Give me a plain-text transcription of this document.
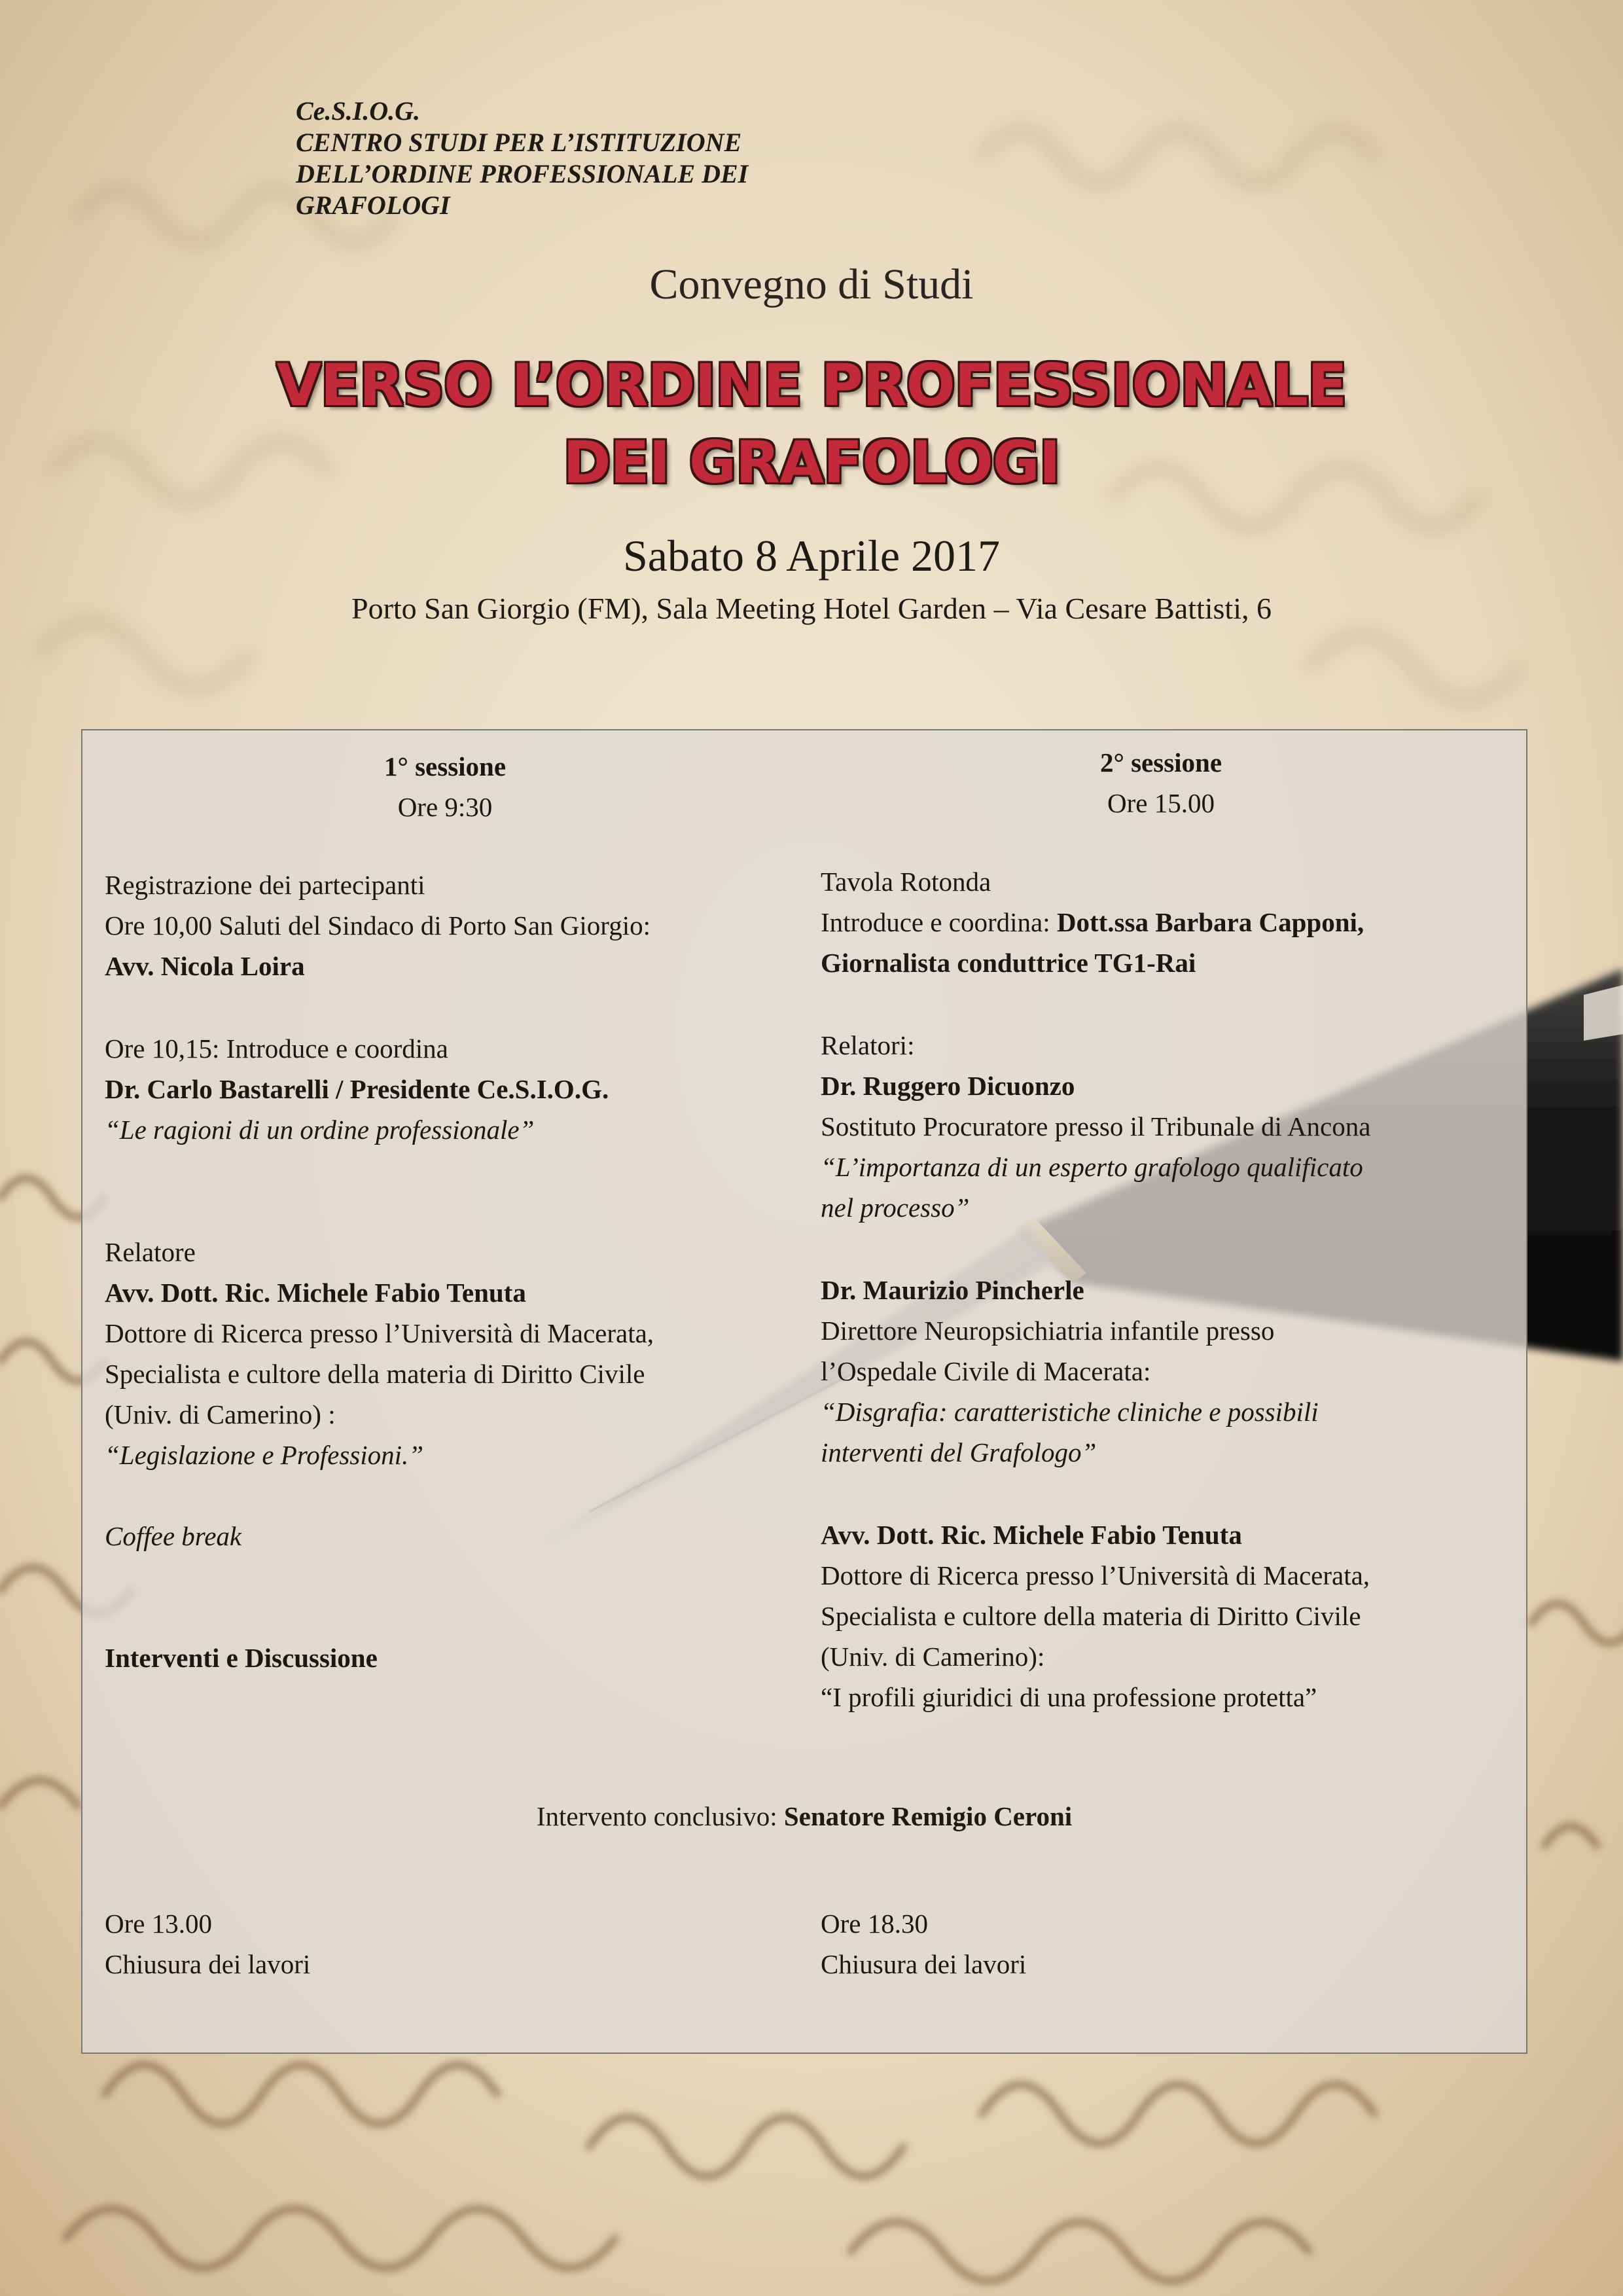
Ce.S.I.O.G.
CENTRO STUDI PER L’ISTITUZIONE
DELL’ORDINE PROFESSIONALE DEI
GRAFOLOGI
Convegno di Studi
VERSO L’ORDINE PROFESSIONALE
DEI GRAFOLOGI
Sabato 8 Aprile 2017
Porto San Giorgio (FM), Sala Meeting Hotel Garden – Via Cesare Battisti, 6
1° sessione
Ore 9:30
Registrazione dei partecipanti
Ore 10,00 Saluti del Sindaco di Porto San Giorgio:
Avv. Nicola Loira
Ore 10,15: Introduce e coordina
Dr. Carlo Bastarelli / Presidente Ce.S.I.O.G.
“Le ragioni di un ordine professionale”
Relatore
Avv. Dott. Ric. Michele Fabio Tenuta
Dottore di Ricerca presso l’Università di Macerata,
Specialista e cultore della materia di Diritto Civile
(Univ. di Camerino) :
“Legislazione e Professioni.”
Coffee break
Interventi e Discussione
Ore 13.00
Chiusura dei lavori
2° sessione
Ore 15.00
Tavola Rotonda
Introduce e coordina: Dott.ssa Barbara Capponi,
Giornalista conduttrice TG1-Rai
Relatori:
Dr. Ruggero Dicuonzo
Sostituto Procuratore presso il Tribunale di Ancona
“L’importanza di un esperto grafologo qualificato
nel processo”
Dr. Maurizio Pincherle
Direttore Neuropsichiatria infantile presso
l’Ospedale Civile di Macerata:
“Disgrafia: caratteristiche cliniche e possibili
interventi del Grafologo”
Avv. Dott. Ric. Michele Fabio Tenuta
Dottore di Ricerca presso l’Università di Macerata,
Specialista e cultore della materia di Diritto Civile
(Univ. di Camerino):
“I profili giuridici di una professione protetta”
Ore 18.30
Chiusura dei lavori
Intervento conclusivo: Senatore Remigio Ceroni
